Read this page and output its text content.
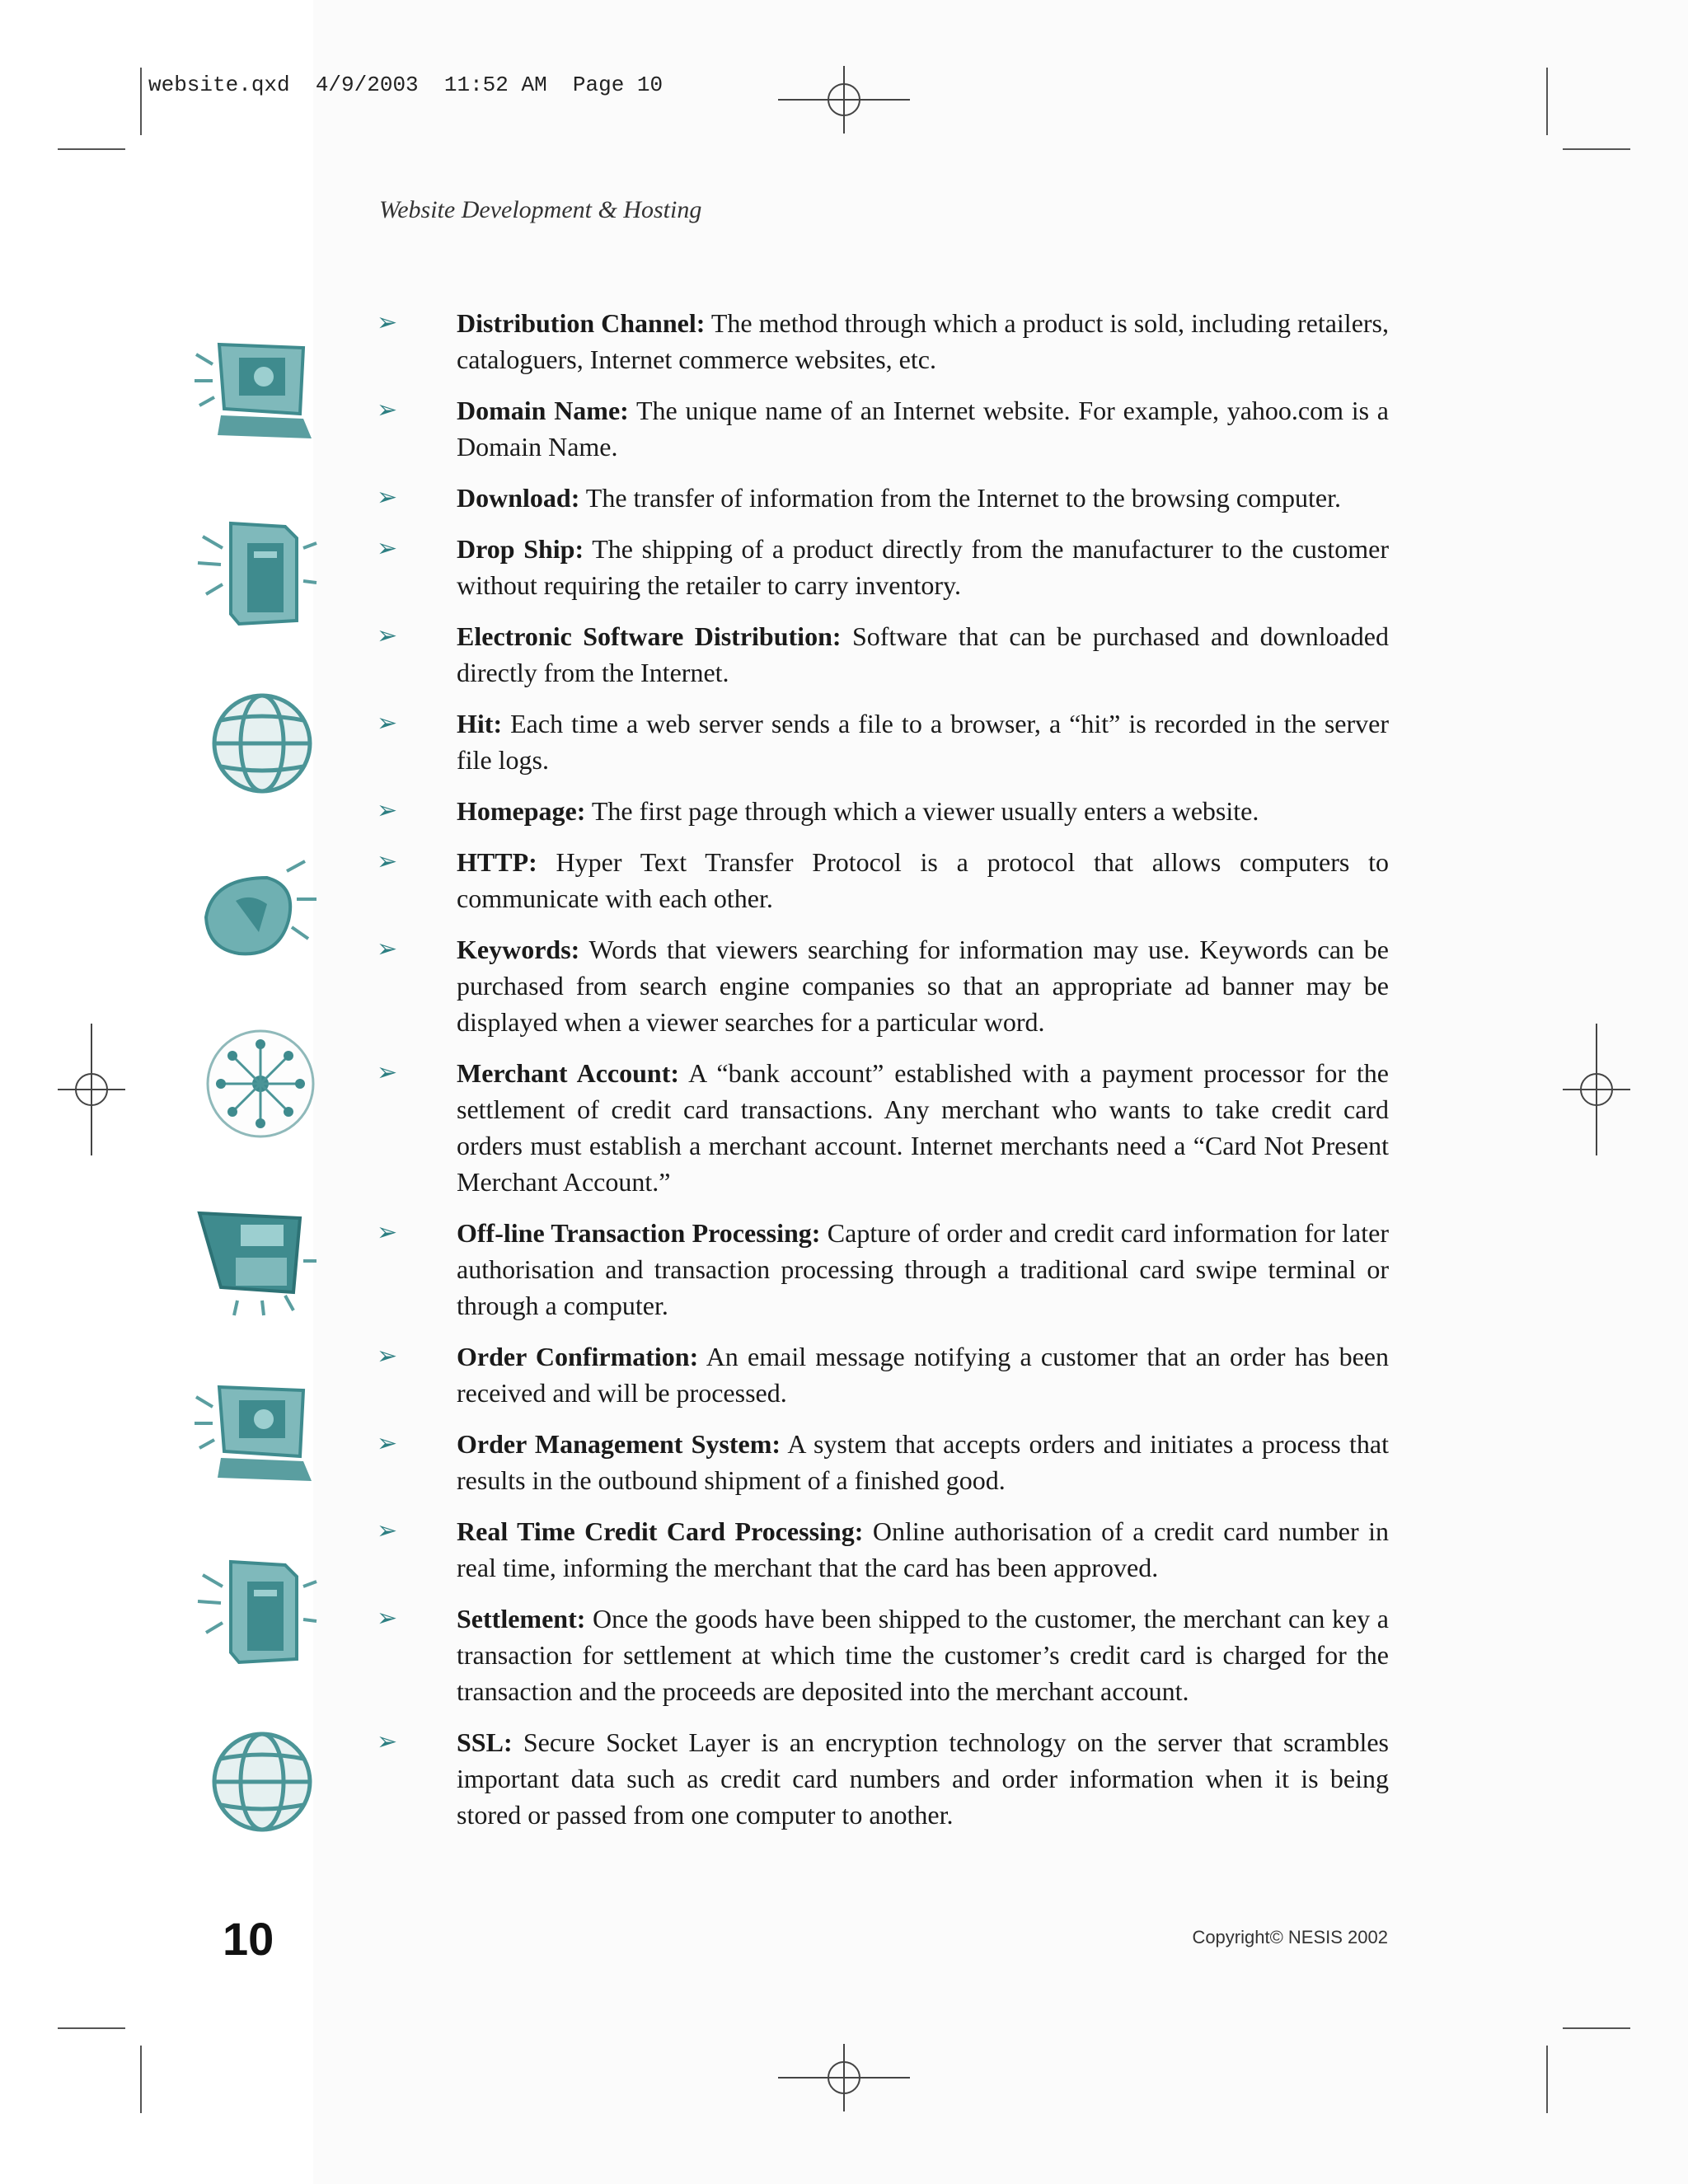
website.qxd  4/9/2003  11:52 AM  Page 10
Website Development & Hosting
➢ Distribution Channel: The method through which a product is sold, including retailers, cataloguers, Internet commerce websites, etc.
➢ Domain Name: The unique name of an Internet website. For example, yahoo.com is a Domain Name.
➢ Download: The transfer of information from the Internet to the browsing computer.
➢ Drop Ship: The shipping of a product directly from the manufacturer to the customer without requiring the retailer to carry inventory.
➢ Electronic Software Distribution: Software that can be purchased and downloaded directly from the Internet.
➢ Hit: Each time a web server sends a file to a browser, a “hit” is recorded in the server file logs.
➢ Homepage: The first page through which a viewer usually enters a website.
➢ HTTP: Hyper Text Transfer Protocol is a protocol that allows computers to communicate with each other.
➢ Keywords: Words that viewers searching for information may use. Keywords can be purchased from search engine companies so that an appropriate ad banner may be displayed when a viewer searches for a particular word.
➢ Merchant Account: A “bank account” established with a payment processor for the settlement of credit card transactions. Any merchant who wants to take credit card orders must establish a merchant account. Internet merchants need a “Card Not Present Merchant Account.”
➢ Off-line Transaction Processing: Capture of order and credit card information for later authorisation and transaction processing through a traditional card swipe terminal or through a computer.
➢ Order Confirmation: An email message notifying a customer that an order has been received and will be processed.
➢ Order Management System: A system that accepts orders and initiates a process that results in the outbound shipment of a finished good.
➢ Real Time Credit Card Processing: Online authorisation of a credit card number in real time, informing the merchant that the card has been approved.
➢ Settlement: Once the goods have been shipped to the customer, the merchant can key a transaction for settlement at which time the customer’s credit card is charged for the transaction and the proceeds are deposited into the merchant account.
➢ SSL: Secure Socket Layer is an encryption technology on the server that scrambles important data such as credit card numbers and order information when it is being stored or passed from one computer to another.
10	Copyright© NESIS 2002
